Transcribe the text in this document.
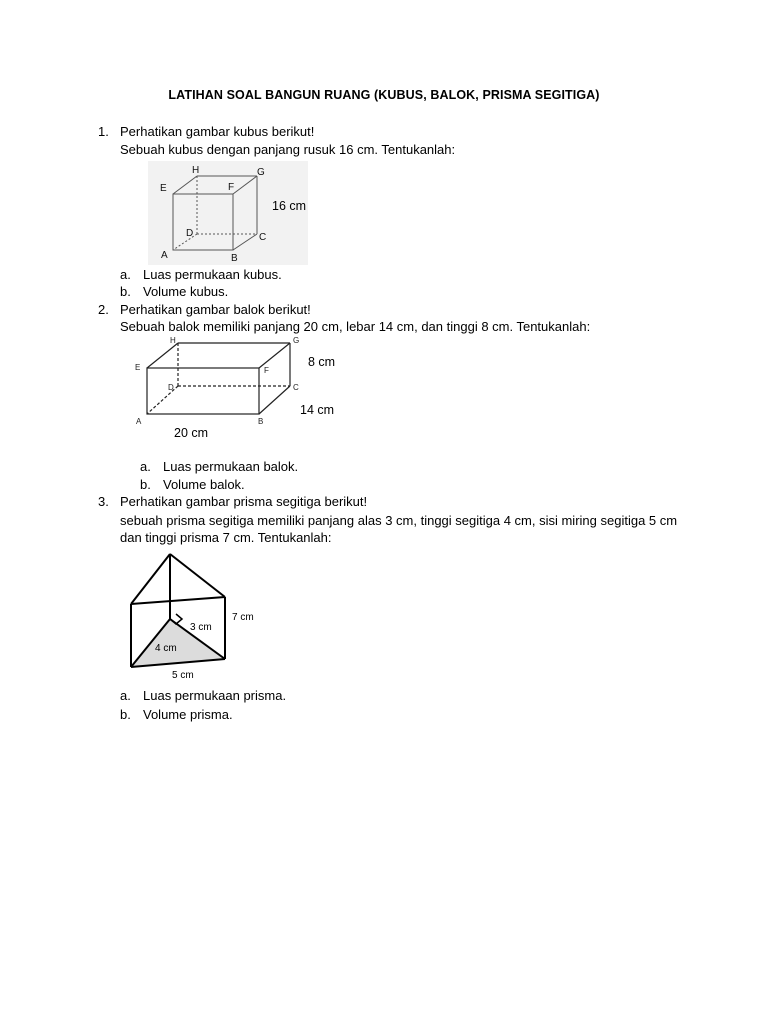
LATIHAN SOAL BANGUN RUANG (KUBUS, BALOK, PRISMA SEGITIGA)
1. Perhatikan gambar kubus berikut!
Sebuah kubus dengan panjang rusuk 16 cm. Tentukanlah:
H	G
E	F
D	C
A	B
16 cm
a. Luas permukaan kubus.
b. Volume kubus.
2. Perhatikan gambar balok berikut!
Sebuah balok memiliki panjang 20 cm, lebar 14 cm, dan tinggi 8 cm. Tentukanlah:
H	G
E	F
D	C
A	B
8 cm
14 cm
20 cm
a. Luas permukaan balok.
b. Volume balok.
3. Perhatikan gambar prisma segitiga berikut!
sebuah prisma segitiga memiliki panjang alas 3 cm, tinggi segitiga 4 cm, sisi miring segitiga 5 cm
dan tinggi prisma 7 cm. Tentukanlah:
7 cm
3 cm
4 cm
5 cm
a. Luas permukaan prisma.
b. Volume prisma.
